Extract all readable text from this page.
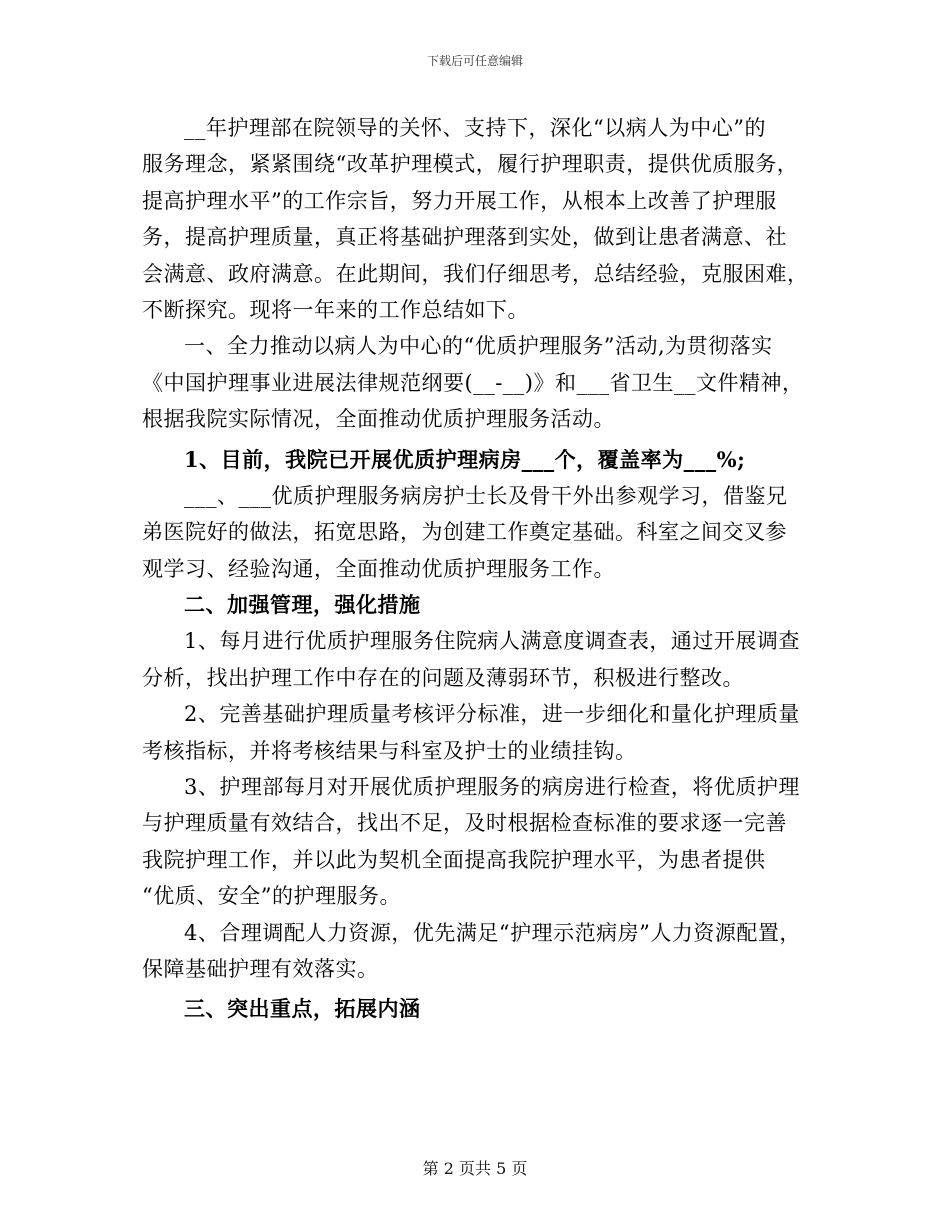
下载后可任意编辑
__年护理部在院领导的关怀、支持下，深化“以病人为中心”的
服务理念，紧紧围绕“改革护理模式，履行护理职责，提供优质服务，
提高护理水平”的工作宗旨，努力开展工作，从根本上改善了护理服
务，提高护理质量，真正将基础护理落到实处，做到让患者满意、社
会满意、政府满意。在此期间，我们仔细思考，总结经验，克服困难，
不断探究。现将一年来的工作总结如下。
一、全力推动以病人为中心的“优质护理服务”活动,为贯彻落实
《中国护理事业进展法律规范纲要(__-__)》和___省卫生__文件精神，
根据我院实际情况，全面推动优质护理服务活动。
1、目前，我院已开展优质护理病房___个，覆盖率为___%;
___、___优质护理服务病房护士长及骨干外出参观学习，借鉴兄
弟医院好的做法，拓宽思路，为创建工作奠定基础。科室之间交叉参
观学习、经验沟通，全面推动优质护理服务工作。
二、加强管理，强化措施
1、每月进行优质护理服务住院病人满意度调查表，通过开展调查
分析，找出护理工作中存在的问题及薄弱环节，积极进行整改。
2、完善基础护理质量考核评分标准，进一步细化和量化护理质量
考核指标，并将考核结果与科室及护士的业绩挂钩。
3、护理部每月对开展优质护理服务的病房进行检查，将优质护理
与护理质量有效结合，找出不足，及时根据检查标准的要求逐一完善
我院护理工作，并以此为契机全面提高我院护理水平，为患者提供
“优质、安全”的护理服务。
4、合理调配人力资源，优先满足“护理示范病房”人力资源配置，
保障基础护理有效落实。
三、突出重点，拓展内涵
第 2 页共 5 页
